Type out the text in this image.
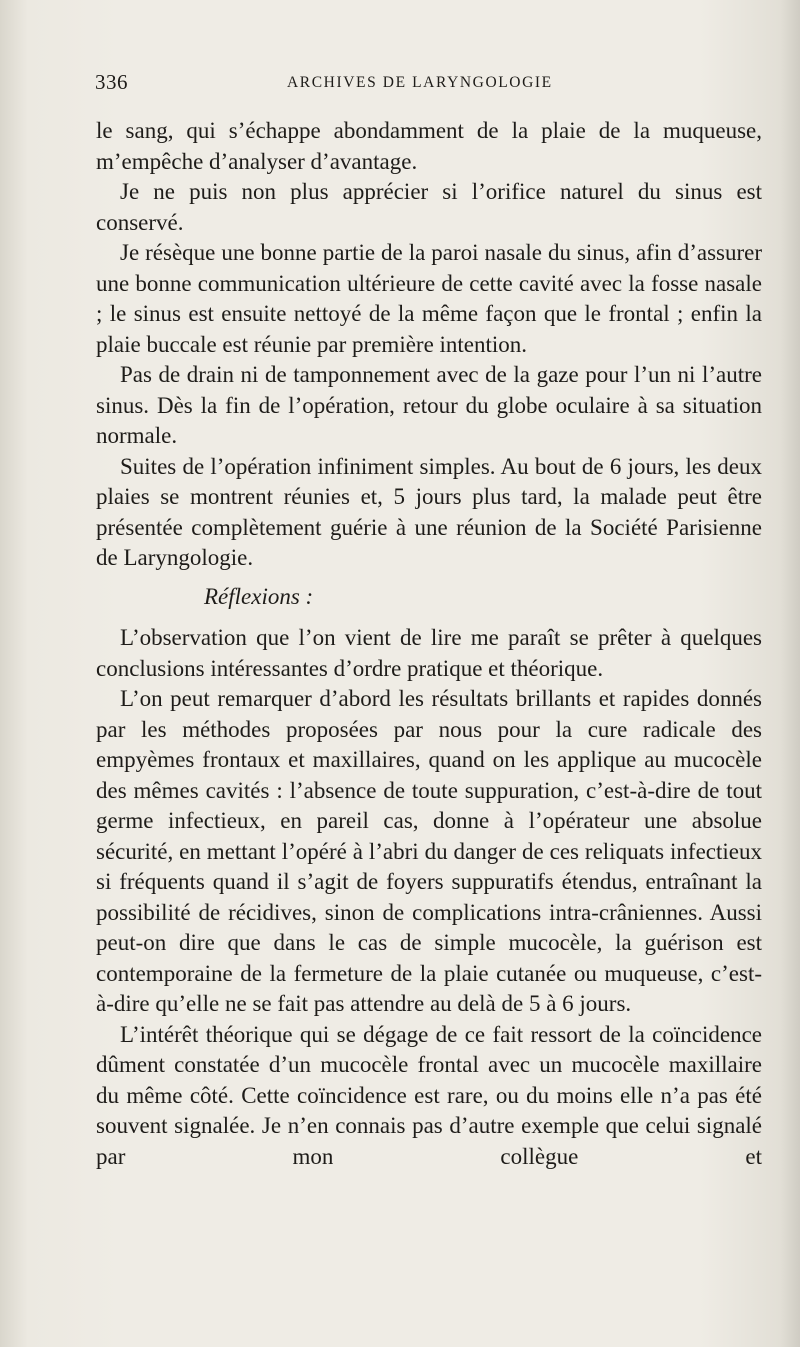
336	ARCHIVES DE LARYNGOLOGIE

le sang, qui s’échappe abondamment de la plaie de la muqueuse, m’empêche d’analyser d’avantage.

Je ne puis non plus apprécier si l’orifice naturel du sinus est conservé.

Je résèque une bonne partie de la paroi nasale du sinus, afin d’assurer une bonne communication ultérieure de cette cavité avec la fosse nasale ; le sinus est ensuite nettoyé de la même façon que le frontal ; enfin la plaie buccale est réunie par première intention.

Pas de drain ni de tamponnement avec de la gaze pour l’un ni l’autre sinus. Dès la fin de l’opération, retour du globe oculaire à sa situation normale.

Suites de l’opération infiniment simples. Au bout de 6 jours, les deux plaies se montrent réunies et, 5 jours plus tard, la malade peut être présentée complètement guérie à une réunion de la Société Parisienne de Laryngologie.

Réflexions :

L’observation que l’on vient de lire me paraît se prêter à quelques conclusions intéressantes d’ordre pratique et théorique.

L’on peut remarquer d’abord les résultats brillants et rapides donnés par les méthodes proposées par nous pour la cure radicale des empyèmes frontaux et maxillaires, quand on les applique au mucocèle des mêmes cavités : l’absence de toute suppuration, c’est-à-dire de tout germe infectieux, en pareil cas, donne à l’opérateur une absolue sécurité, en mettant l’opéré à l’abri du danger de ces reliquats infectieux si fréquents quand il s’agit de foyers suppuratifs étendus, entraînant la possibilité de récidives, sinon de complications intra-crâniennes. Aussi peut-on dire que dans le cas de simple mucocèle, la guérison est contemporaine de la fermeture de la plaie cutanée ou muqueuse, c’est-à-dire qu’elle ne se fait pas attendre au delà de 5 à 6 jours.

L’intérêt théorique qui se dégage de ce fait ressort de la coïncidence dûment constatée d’un mucocèle frontal avec un mucocèle maxillaire du même côté. Cette coïncidence est rare, ou du moins elle n’a pas été souvent signalée. Je n’en connais pas d’autre exemple que celui signalé par mon collègue et
